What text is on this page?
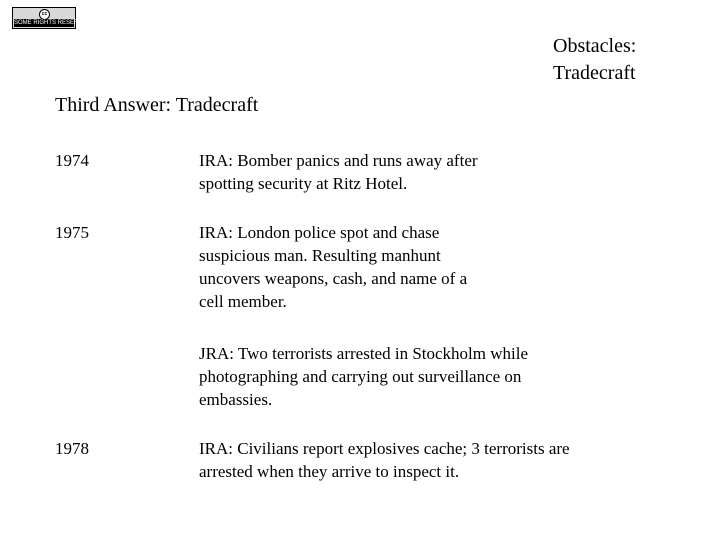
cc
SOME RIGHTS RESERVED
Obstacles:
Tradecraft
Third Answer: Tradecraft
1974	IRA: Bomber panics and runs away after
spotting security at Ritz Hotel.
1975	IRA: London police spot and chase
suspicious man. Resulting manhunt
uncovers weapons, cash, and name of a
cell member.
JRA: Two terrorists arrested in Stockholm while
photographing and carrying out surveillance on
embassies.
1978	IRA: Civilians report explosives cache; 3 terrorists are
arrested when they arrive to inspect it.
